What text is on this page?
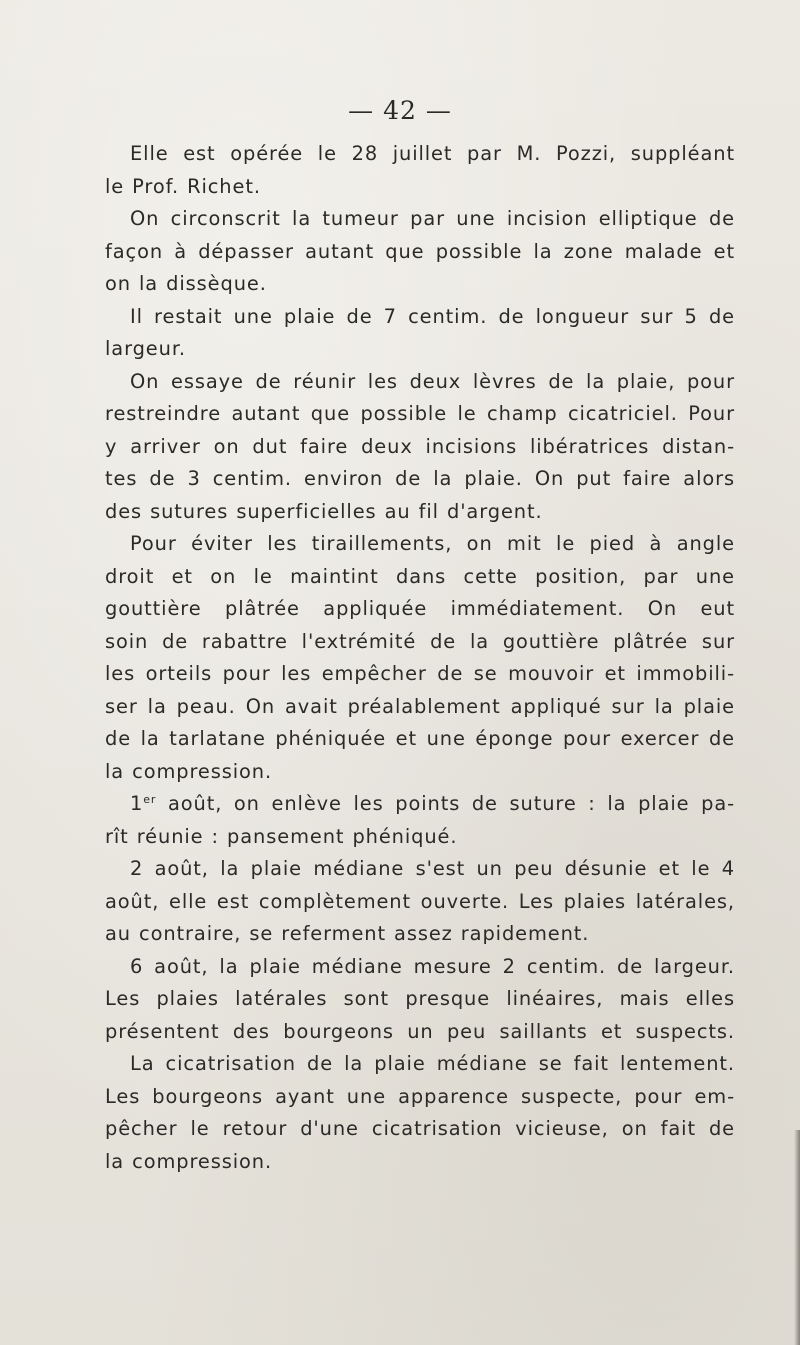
— 42 —
Elle est opérée le 28 juillet par M. Pozzi, suppléant
le Prof. Richet.
On circonscrit la tumeur par une incision elliptique de
façon à dépasser autant que possible la zone malade et
on la dissèque.
Il restait une plaie de 7 centim. de longueur sur 5 de
largeur.
On essaye de réunir les deux lèvres de la plaie, pour
restreindre autant que possible le champ cicatriciel. Pour
y arriver on dut faire deux incisions libératrices distan-
tes de 3 centim. environ de la plaie. On put faire alors
des sutures superficielles au fil d'argent.
Pour éviter les tiraillements, on mit le pied à angle
droit et on le maintint dans cette position, par une
gouttière plâtrée appliquée immédiatement. On eut
soin de rabattre l'extrémité de la gouttière plâtrée sur
les orteils pour les empêcher de se mouvoir et immobili-
ser la peau. On avait préalablement appliqué sur la plaie
de la tarlatane phéniquée et une éponge pour exercer de
la compression.
1er août, on enlève les points de suture : la plaie pa-
rît réunie : pansement phéniqué.
2 août, la plaie médiane s'est un peu désunie et le 4
août, elle est complètement ouverte. Les plaies latérales,
au contraire, se referment assez rapidement.
6 août, la plaie médiane mesure 2 centim. de largeur.
Les plaies latérales sont presque linéaires, mais elles
présentent des bourgeons un peu saillants et suspects.
La cicatrisation de la plaie médiane se fait lentement.
Les bourgeons ayant une apparence suspecte, pour em-
pêcher le retour d'une cicatrisation vicieuse, on fait de
la compression.
